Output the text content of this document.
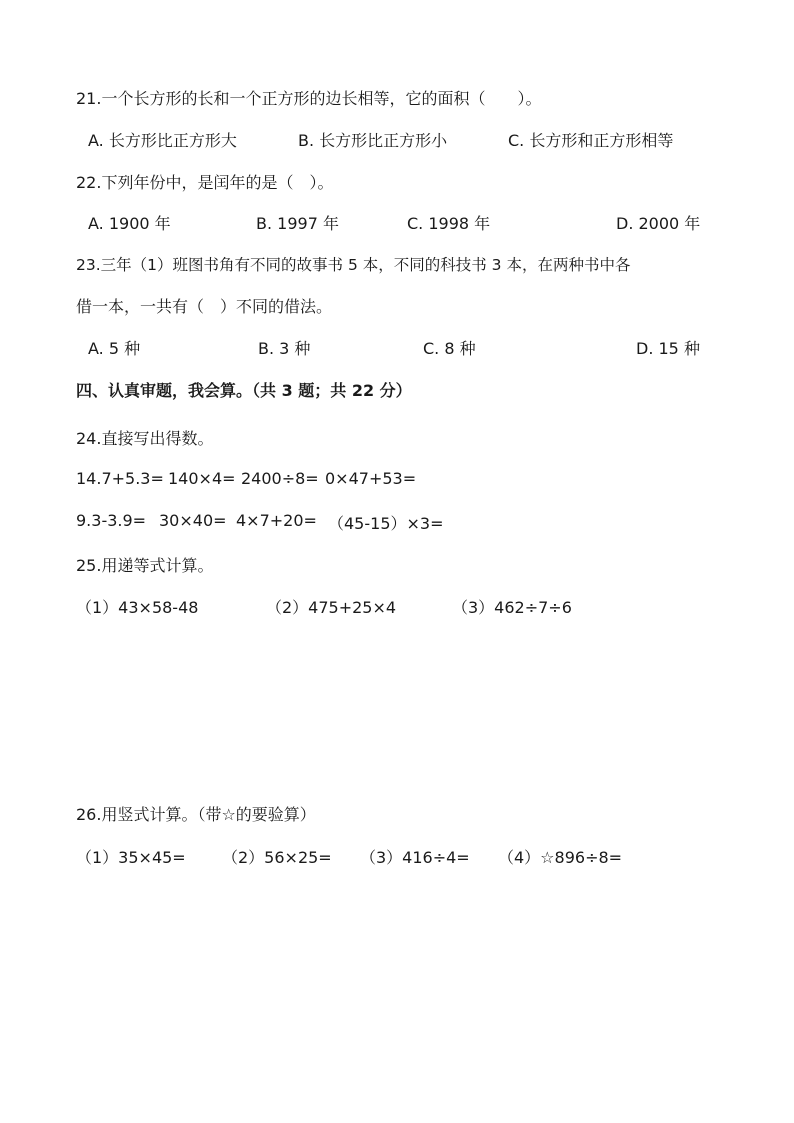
21.一个长方形的长和一个正方形的边长相等，它的面积（　　）。
A. 长方形比正方形大	B. 长方形比正方形小	C. 长方形和正方形相等
22.下列年份中，是闰年的是（　）。
A. 1900 年	B. 1997 年	C. 1998 年	D. 2000 年
23.三年（1）班图书角有不同的故事书 5 本，不同的科技书 3 本，在两种书中各
借一本，一共有（　）不同的借法。
A. 5 种	B. 3 种	C. 8 种	D. 15 种
四、认真审题，我会算。（共 3 题；共 22 分）
24.直接写出得数。
14.7+5.3= 140×4= 2400÷8= 0×47+53=
9.3-3.9= 30×40= 4×7+20= （45-15）×3=
25.用递等式计算。
（1）43×58-48	（2）475+25×4	（3）462÷7÷6
26.用竖式计算。（带☆的要验算）
（1）35×45= （2）56×25= （3）416÷4= （4）☆896÷8=
